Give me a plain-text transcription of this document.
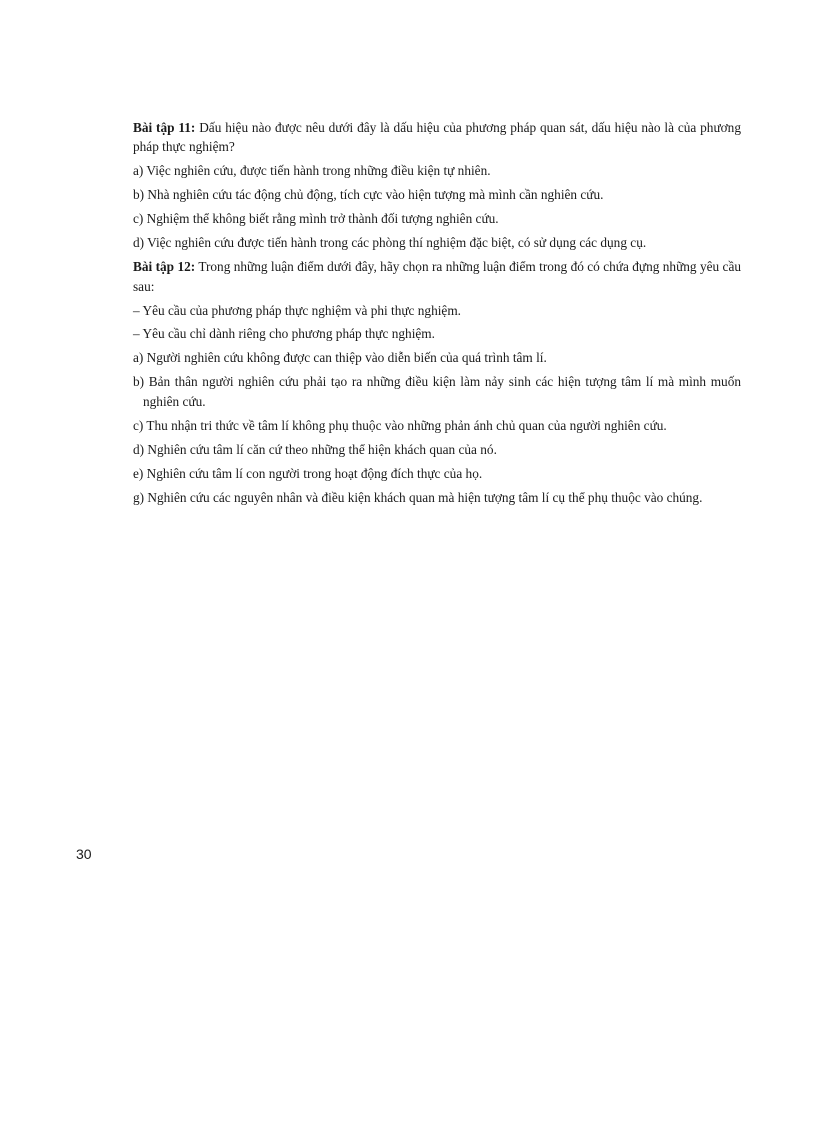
Bài tập 11: Dấu hiệu nào được nêu dưới đây là dấu hiệu của phương pháp quan sát, dấu hiệu nào là của phương pháp thực nghiệm?

a) Việc nghiên cứu, được tiến hành trong những điều kiện tự nhiên.

b) Nhà nghiên cứu tác động chủ động, tích cực vào hiện tượng mà mình cần nghiên cứu.

c) Nghiệm thể không biết rằng mình trở thành đối tượng nghiên cứu.

d) Việc nghiên cứu được tiến hành trong các phòng thí nghiệm đặc biệt, có sử dụng các dụng cụ.

Bài tập 12: Trong những luận điểm dưới đây, hãy chọn ra những luận điểm trong đó có chứa đựng những yêu cầu sau:

– Yêu cầu của phương pháp thực nghiệm và phi thực nghiệm.

– Yêu cầu chỉ dành riêng cho phương pháp thực nghiệm.

a) Người nghiên cứu không được can thiệp vào diễn biến của quá trình tâm lí.

b) Bản thân người nghiên cứu phải tạo ra những điều kiện làm nảy sinh các hiện tượng tâm lí mà mình muốn nghiên cứu.

c) Thu nhận tri thức về tâm lí không phụ thuộc vào những phản ánh chủ quan của người nghiên cứu.

d) Nghiên cứu tâm lí căn cứ theo những thể hiện khách quan của nó.

e) Nghiên cứu tâm lí con người trong hoạt động đích thực của họ.

g) Nghiên cứu các nguyên nhân và điều kiện khách quan mà hiện tượng tâm lí cụ thể phụ thuộc vào chúng.

30
